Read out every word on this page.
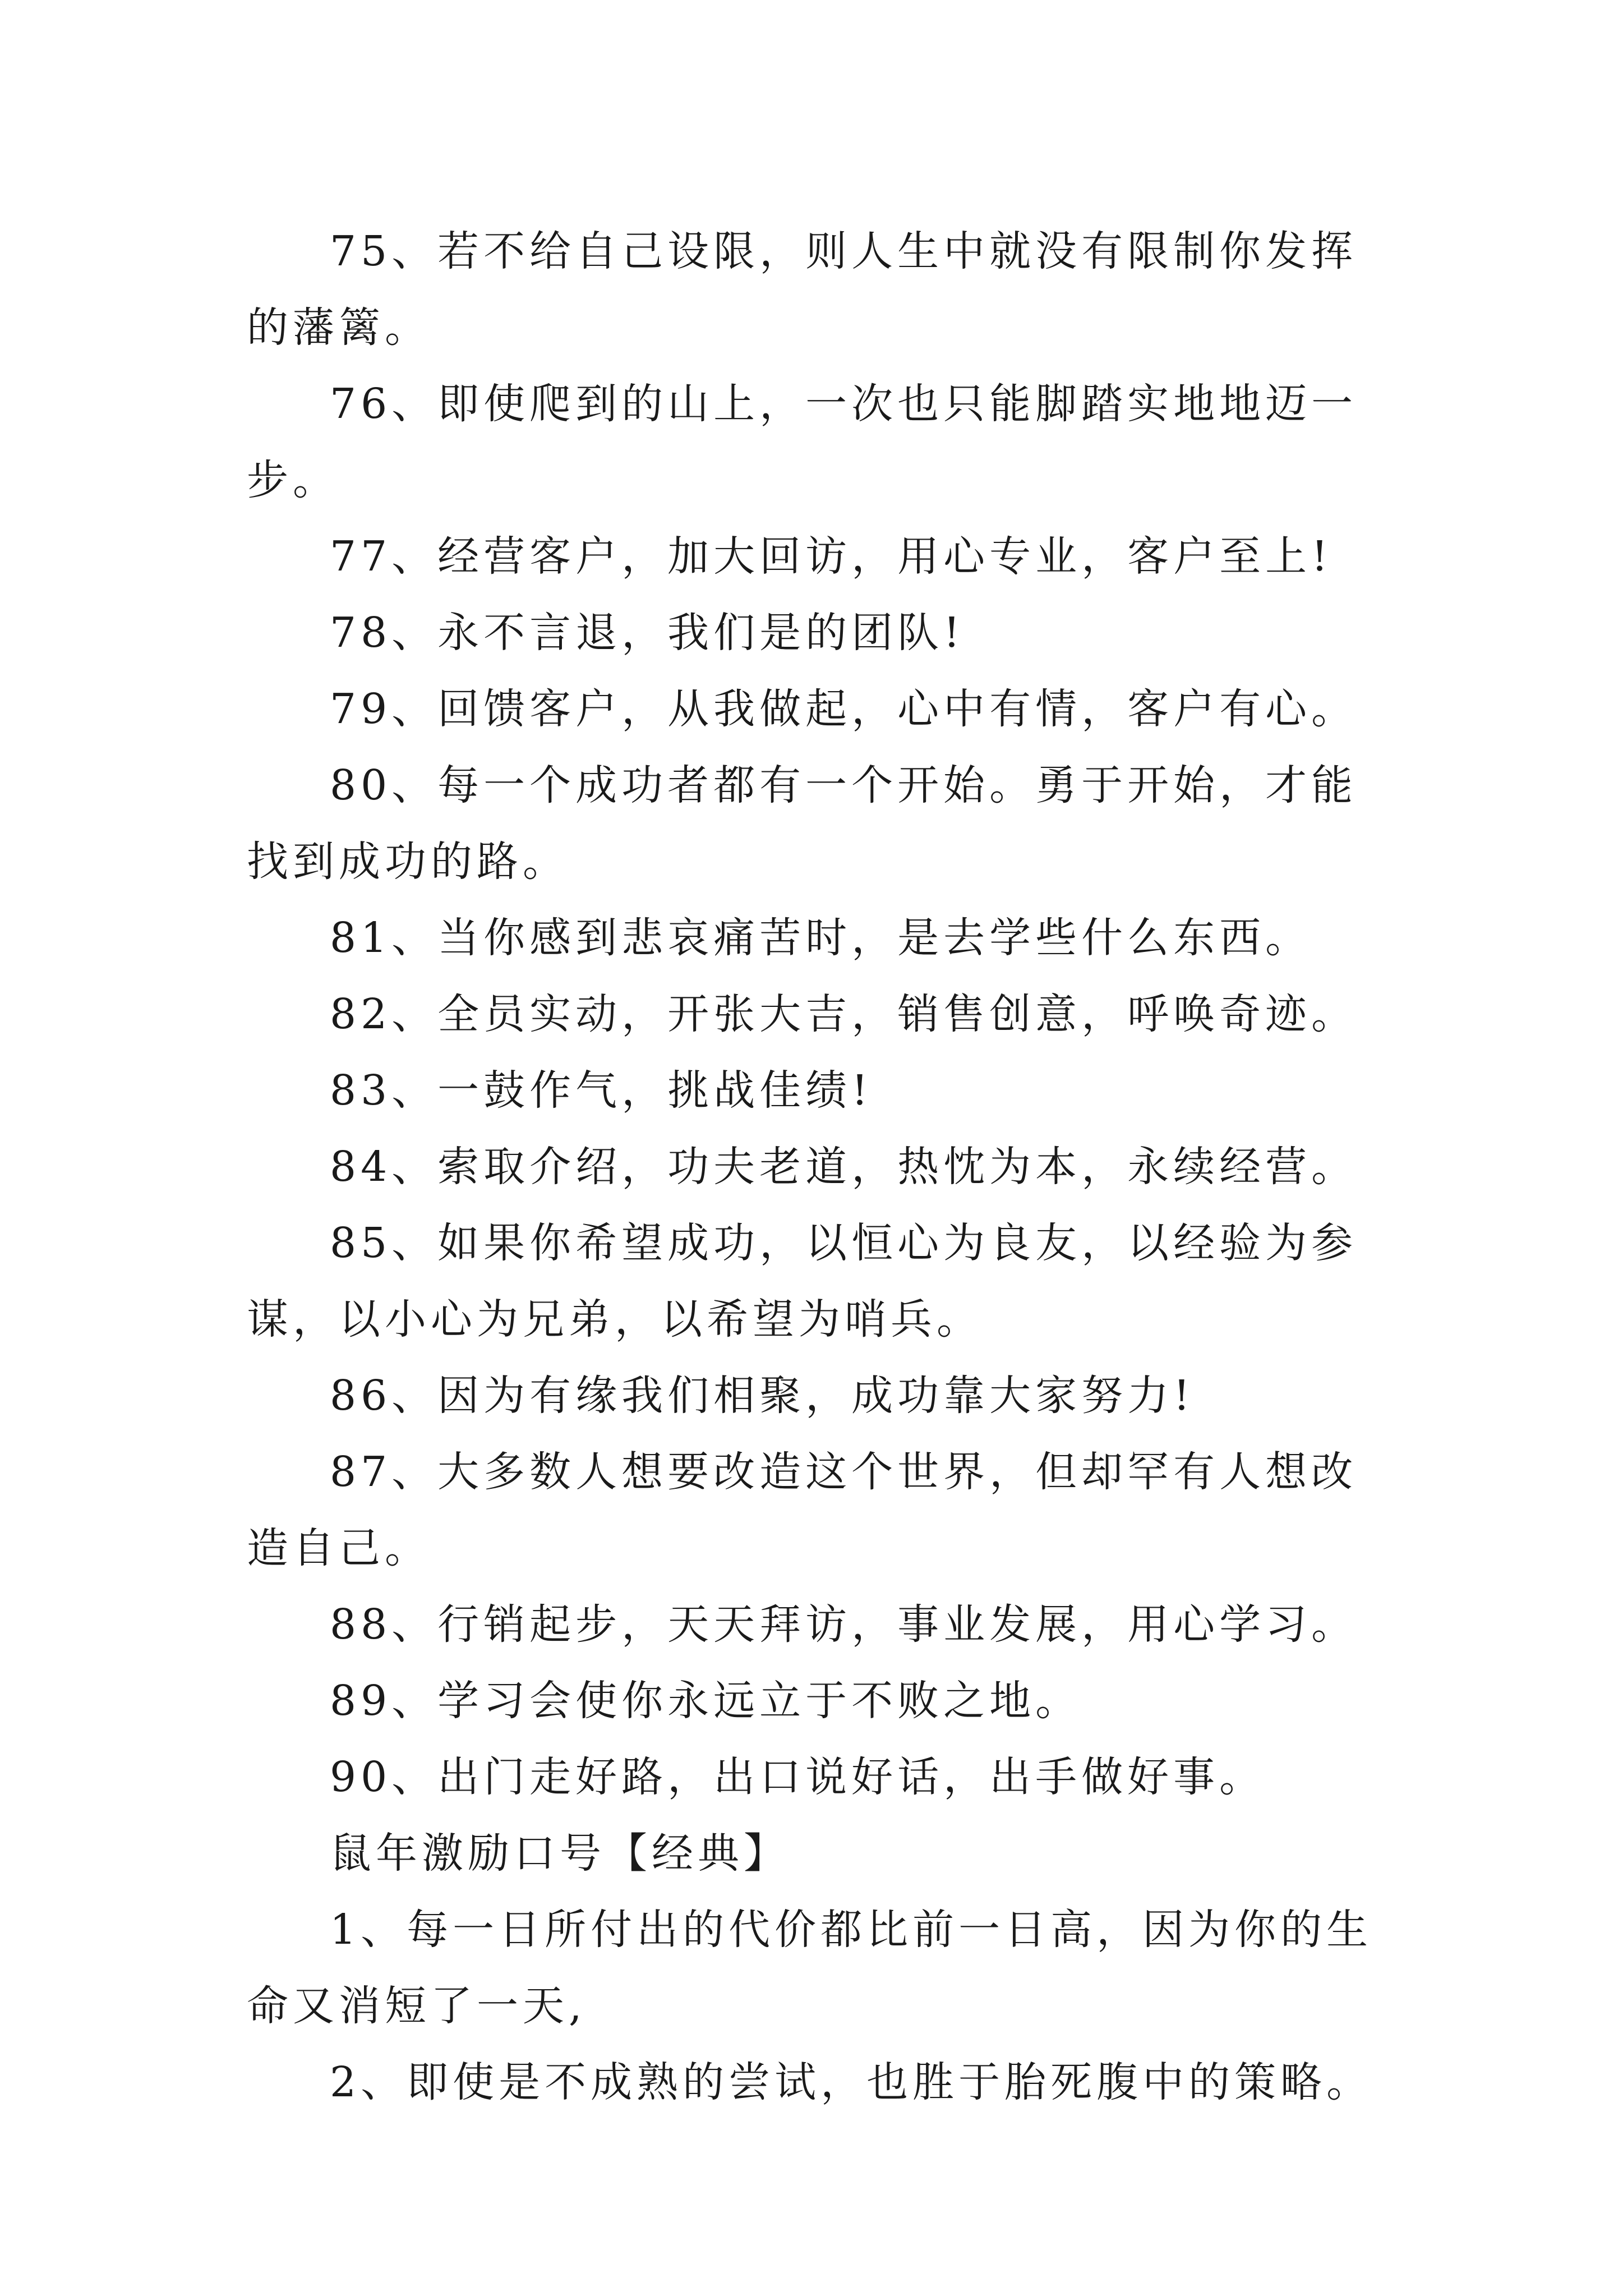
75、若不给自己设限，则人生中就没有限制你发挥的藩篱。

76、即使爬到的山上，一次也只能脚踏实地地迈一步。

77、经营客户，加大回访，用心专业，客户至上!

78、永不言退，我们是的团队!

79、回馈客户，从我做起，心中有情，客户有心。

80、每一个成功者都有一个开始。勇于开始，才能找到成功的路。

81、当你感到悲哀痛苦时，是去学些什么东西。

82、全员实动，开张大吉，销售创意，呼唤奇迹。

83、一鼓作气，挑战佳绩!

84、索取介绍，功夫老道，热忱为本，永续经营。

85、如果你希望成功，以恒心为良友，以经验为参谋，以小心为兄弟，以希望为哨兵。

86、因为有缘我们相聚，成功靠大家努力!

87、大多数人想要改造这个世界，但却罕有人想改造自己。

88、行销起步，天天拜访，事业发展，用心学习。

89、学习会使你永远立于不败之地。

90、出门走好路，出口说好话，出手做好事。

鼠年激励口号【经典】

1、每一日所付出的代价都比前一日高，因为你的生命又消短了一天,

2、即使是不成熟的尝试，也胜于胎死腹中的策略。
